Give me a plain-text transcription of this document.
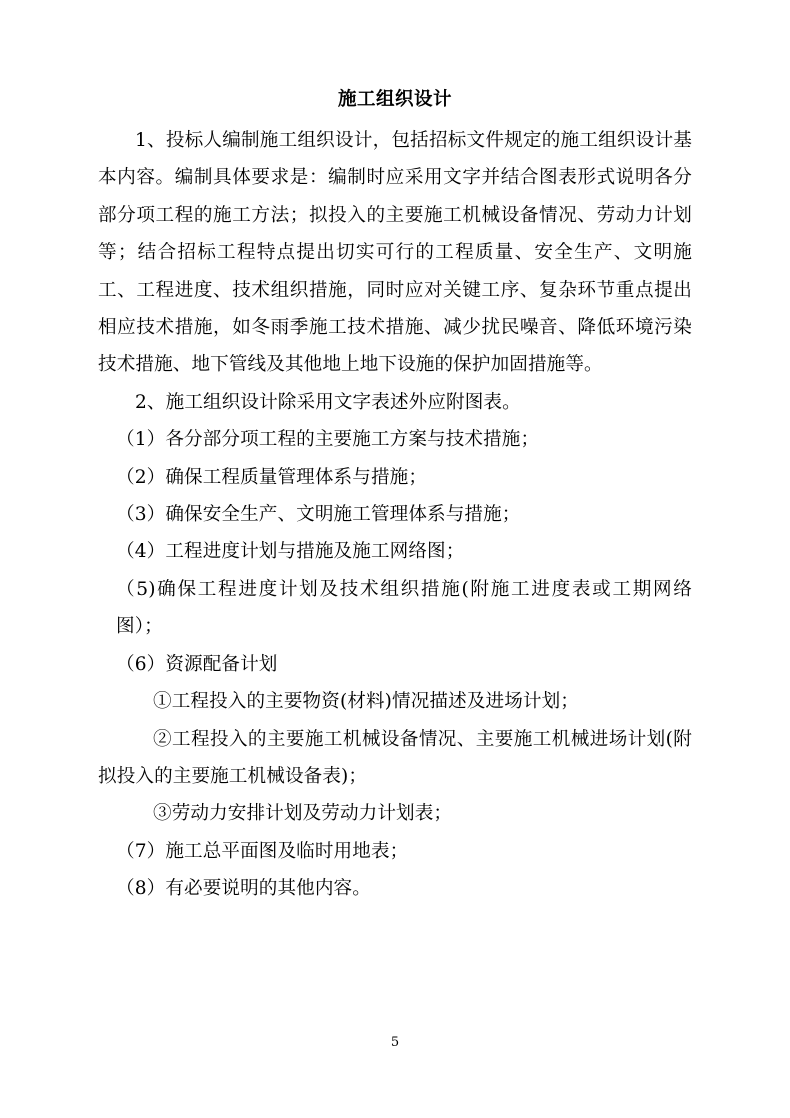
施工组织设计

1、投标人编制施工组织设计，包括招标文件规定的施工组织设计基本内容。编制具体要求是：编制时应采用文字并结合图表形式说明各分部分项工程的施工方法；拟投入的主要施工机械设备情况、劳动力计划等；结合招标工程特点提出切实可行的工程质量、安全生产、文明施工、工程进度、技术组织措施，同时应对关键工序、复杂环节重点提出相应技术措施，如冬雨季施工技术措施、减少扰民噪音、降低环境污染技术措施、地下管线及其他地上地下设施的保护加固措施等。

2、施工组织设计除采用文字表述外应附图表。

（1）各分部分项工程的主要施工方案与技术措施；

（2）确保工程质量管理体系与措施；

（3）确保安全生产、文明施工管理体系与措施；

（4）工程进度计划与措施及施工网络图；

（5)确保工程进度计划及技术组织措施(附施工进度表或工期网络图）；

（6）资源配备计划

①工程投入的主要物资(材料)情况描述及进场计划；

②工程投入的主要施工机械设备情况、主要施工机械进场计划(附拟投入的主要施工机械设备表)；

③劳动力安排计划及劳动力计划表；

（7）施工总平面图及临时用地表；

（8）有必要说明的其他内容。

5
